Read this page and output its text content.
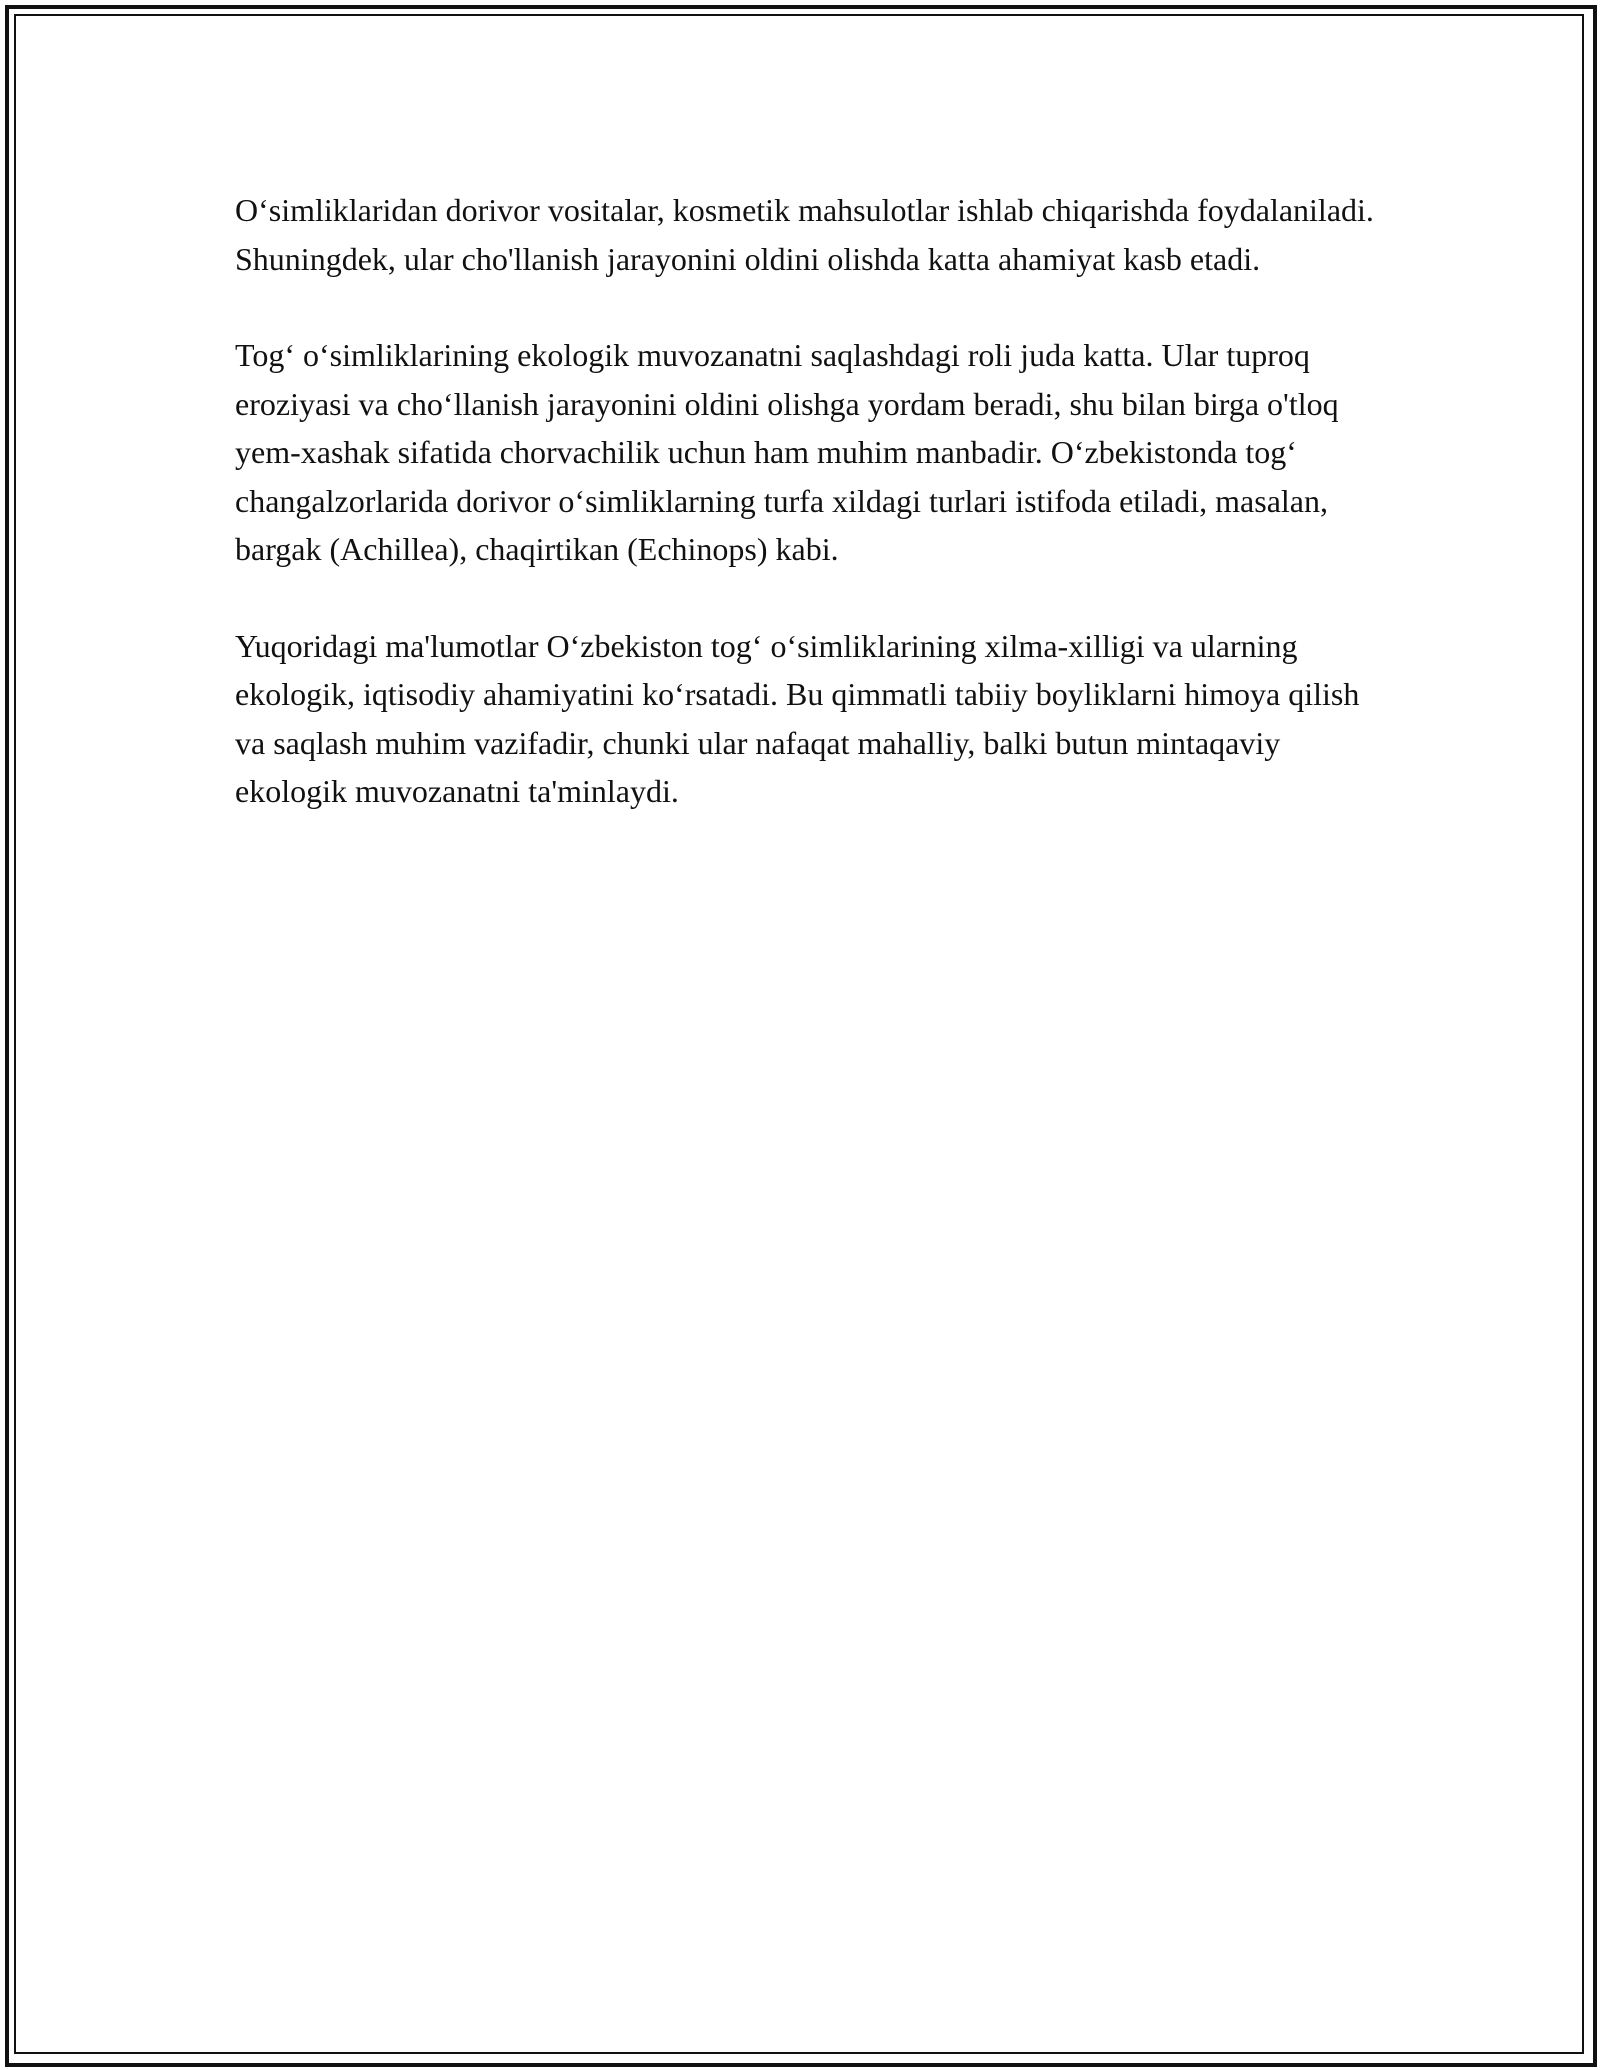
O‘simliklaridan dorivor vositalar, kosmetik mahsulotlar ishlab chiqarishda foydalaniladi. Shuningdek, ular cho'llanish jarayonini oldini olishda katta ahamiyat kasb etadi.

Tog‘ o‘simliklarining ekologik muvozanatni saqlashdagi roli juda katta. Ular tuproq eroziyasi va cho‘llanish jarayonini oldini olishga yordam beradi, shu bilan birga o'tloq yem-xashak sifatida chorvachilik uchun ham muhim manbadir. O‘zbekistonda tog‘ changalzorlarida dorivor o‘simliklarning turfa xildagi turlari istifoda etiladi, masalan, bargak (Achillea), chaqirtikan (Echinops) kabi.

Yuqoridagi ma'lumotlar O‘zbekiston tog‘ o‘simliklarining xilma-xilligi va ularning ekologik, iqtisodiy ahamiyatini ko‘rsatadi. Bu qimmatli tabiiy boyliklarni himoya qilish va saqlash muhim vazifadir, chunki ular nafaqat mahalliy, balki butun mintaqaviy ekologik muvozanatni ta'minlaydi.
